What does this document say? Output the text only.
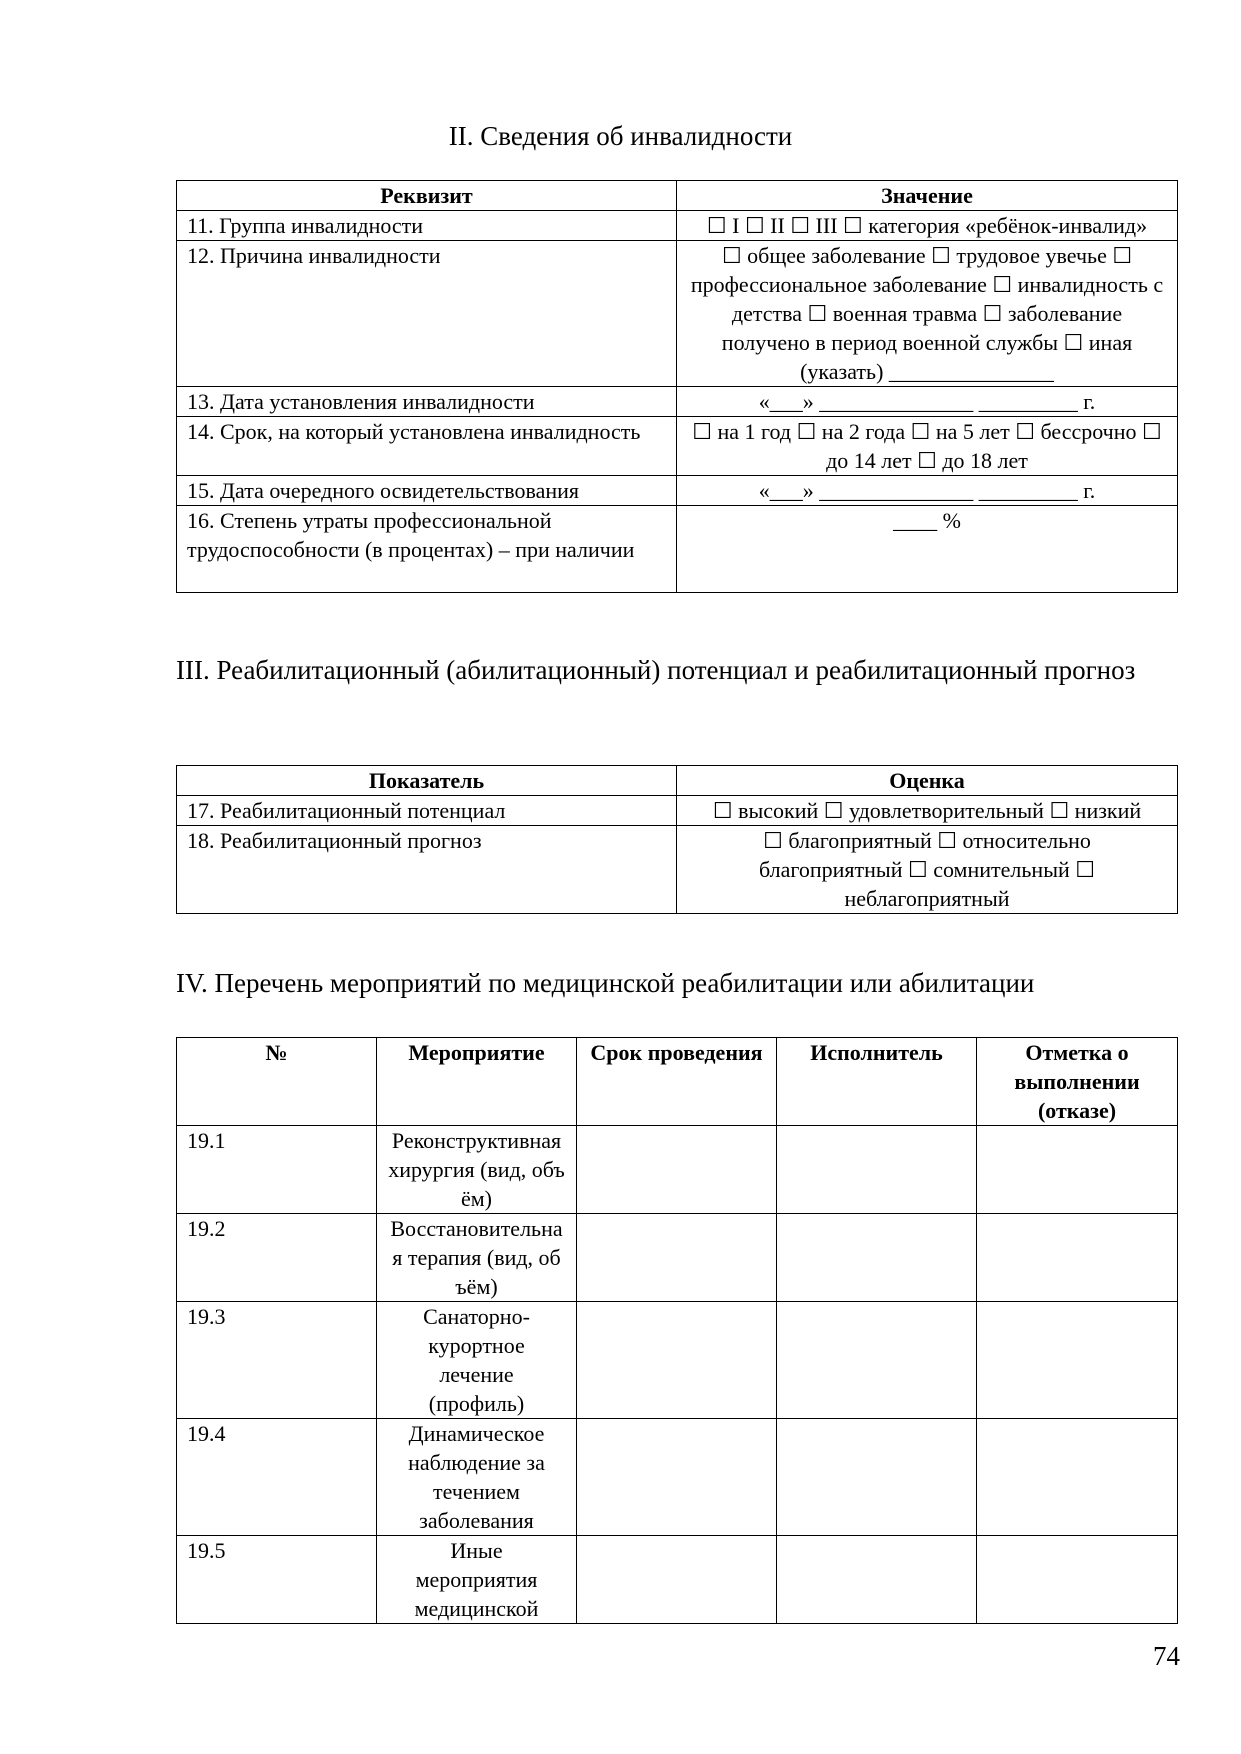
II. Сведения об инвалидности
Реквизит	Значение
11. Группа инвалидности	☐ I ☐ II ☐ III ☐ категория «ребёнок-инвалид»
12. Причина инвалидности	☐ общее заболевание ☐ трудовое увечье ☐ профессиональное заболевание ☐ инвалидность с детства ☐ военная травма ☐ заболевание получено в период военной службы ☐ иная (указать) _______________
13. Дата установления инвалидности	«___» ______________ _________ г.
14. Срок, на который установлена инвалидность	☐ на 1 год ☐ на 2 года ☐ на 5 лет ☐ бессрочно ☐ до 14 лет ☐ до 18 лет
15. Дата очередного освидетельствования	«___» ______________ _________ г.
16. Степень утраты профессиональной трудоспособности (в процентах) – при наличии	____ %
III. Реабилитационный (абилитационный) потенциал и реабилитационный прогноз
Показатель	Оценка
17. Реабилитационный потенциал	☐ высокий ☐ удовлетворительный ☐ низкий
18. Реабилитационный прогноз	☐ благоприятный ☐ относительно благоприятный ☐ сомнительный ☐ неблагоприятный
IV. Перечень мероприятий по медицинской реабилитации или абилитации
№	Мероприятие	Срок проведения	Исполнитель	Отметка о выполнении (отказе)
19.1	Реконструктивная хирургия (вид, объём)			
19.2	Восстановительная терапия (вид, объём)			
19.3	Санаторно-курортное лечение (профиль)			
19.4	Динамическое наблюдение за течением заболевания			
19.5	Иные мероприятия медицинской			
74
